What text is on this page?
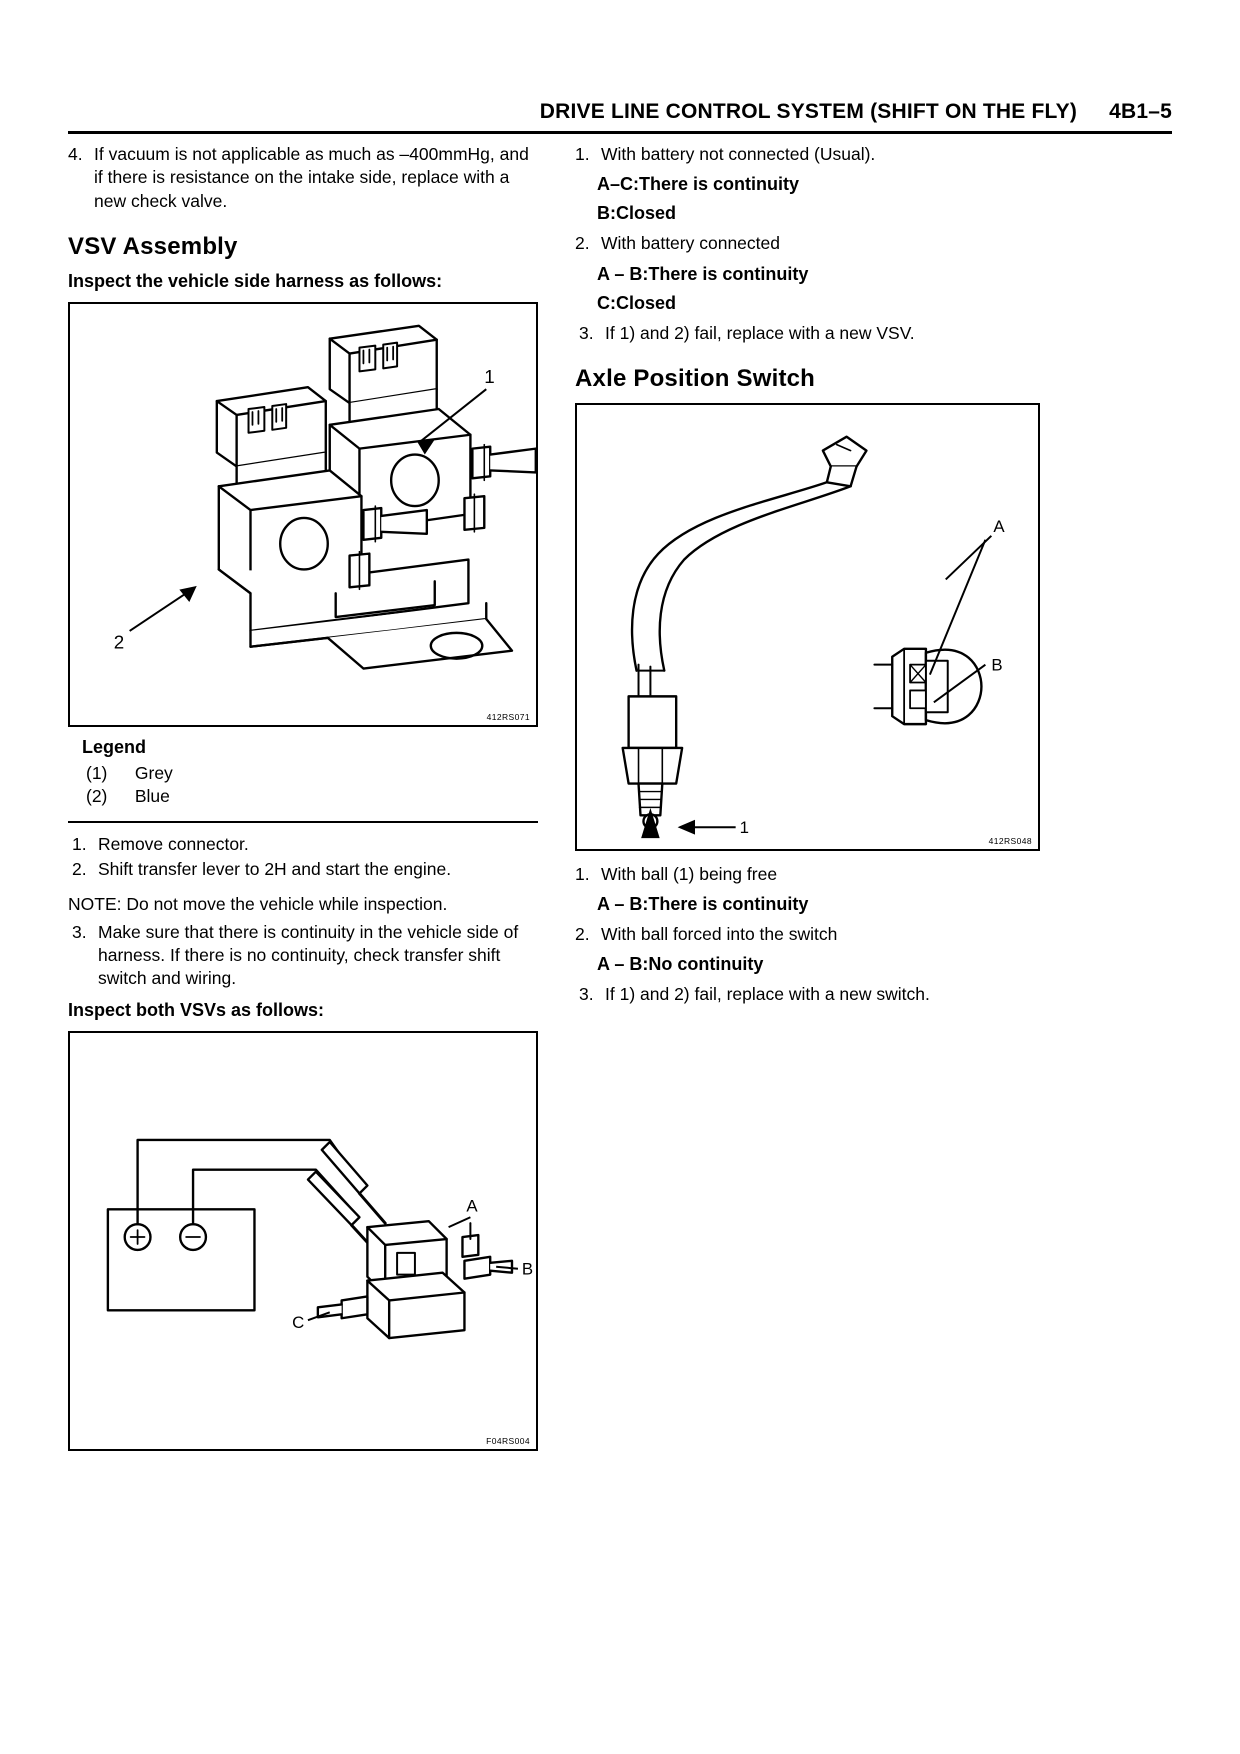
DRIVE LINE CONTROL SYSTEM (SHIFT ON THE FLY) 4B1–5
4. If vacuum is not applicable as much as –400mmHg, and if there is resistance on the intake side, replace with a new check valve.
VSV Assembly
Inspect the vehicle side harness as follows:
1
2
412RS071
Legend
(1) Grey
(2) Blue
1. Remove connector.
2. Shift transfer lever to 2H and start the engine.
NOTE: Do not move the vehicle while inspection.
3. Make sure that there is continuity in the vehicle side of harness. If there is no continuity, check transfer shift switch and wiring.
Inspect both VSVs as follows:
A
B
C
F04RS004
1. With battery not connected (Usual).
A–C:There is continuity
B:Closed
2. With battery connected
A – B:There is continuity
C:Closed
3. If 1) and 2) fail, replace with a new VSV.
Axle Position Switch
A
B
1
412RS048
1. With ball (1) being free
A – B:There is continuity
2. With ball forced into the switch
A – B:No continuity
3. If 1) and 2) fail, replace with a new switch.
